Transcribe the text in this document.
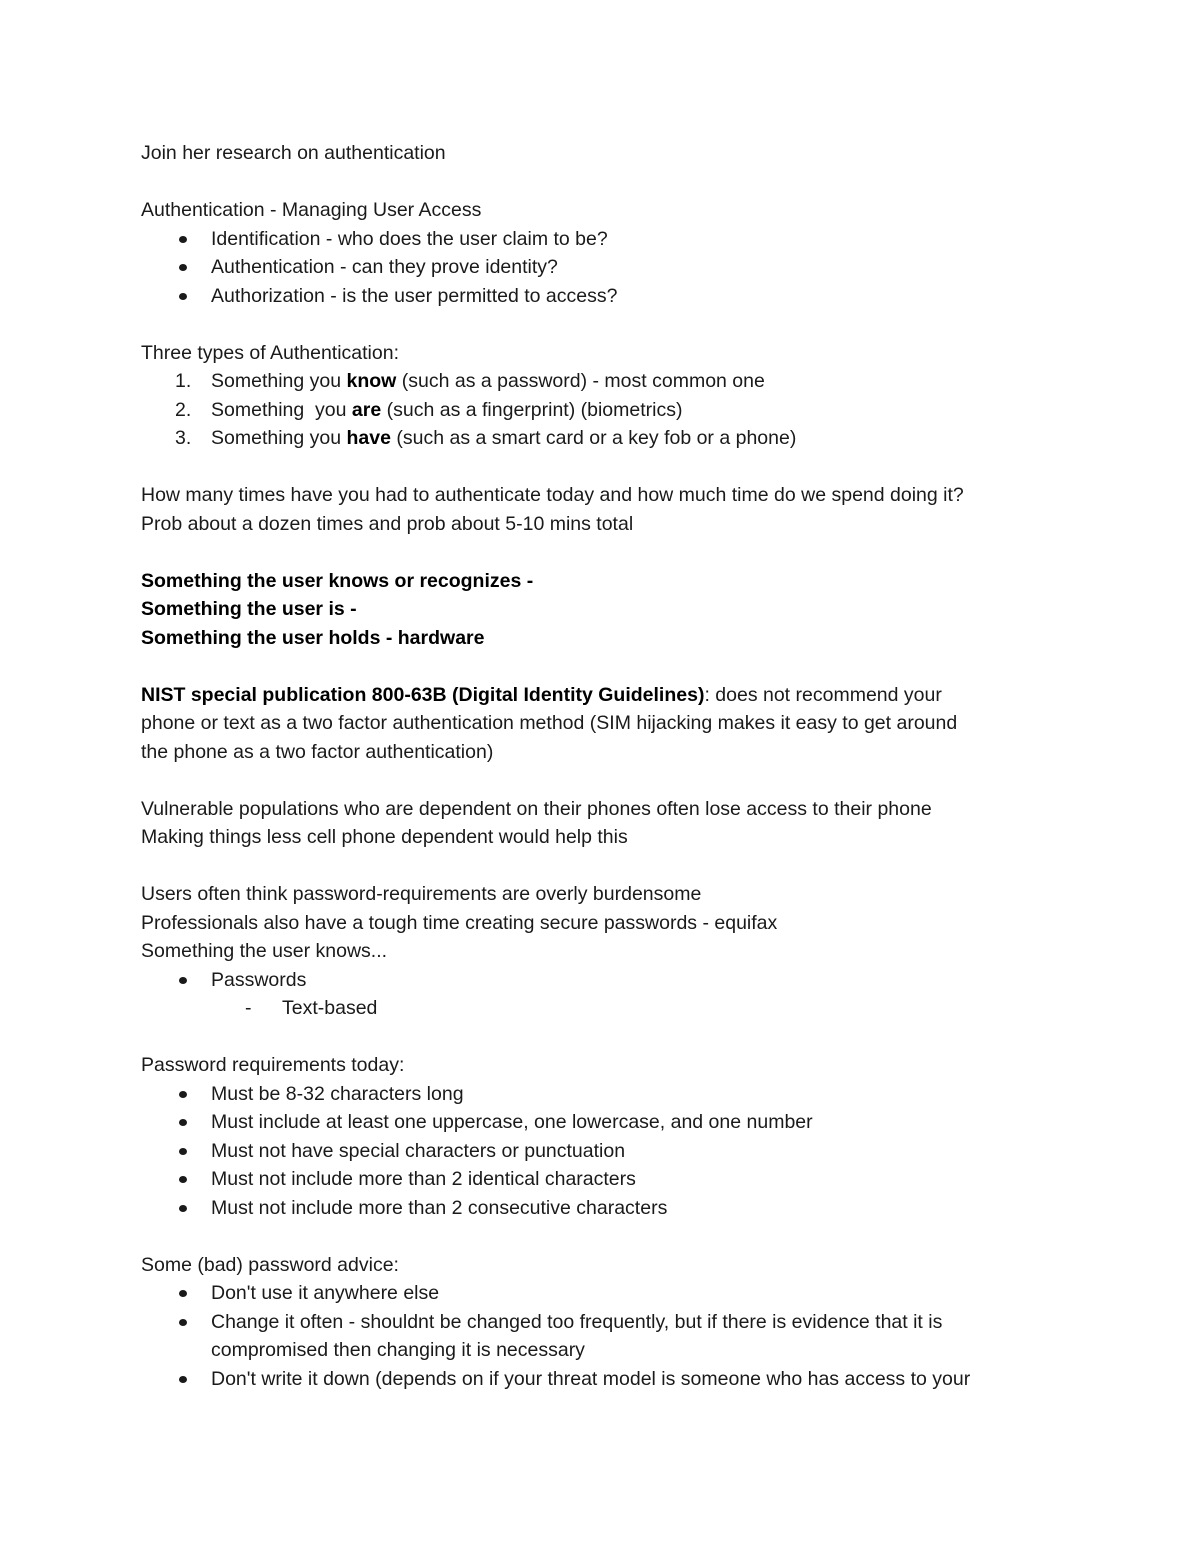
Join her research on authentication

Authentication - Managing User Access

Identification - who does the user claim to be?
Authentication - can they prove identity?
Authorization - is the user permitted to access?

Three types of Authentication:

1.	Something you know (such as a password) - most common one
2.	Something  you are (such as a fingerprint) (biometrics)
3.	Something you have (such as a smart card or a key fob or a phone)

How many times have you had to authenticate today and how much time do we spend doing it?

Prob about a dozen times and prob about 5-10 mins total

Something the user knows or recognizes -

Something the user is -

Something the user holds - hardware

NIST special publication 800-63B (Digital Identity Guidelines): does not recommend your

phone or text as a two factor authentication method (SIM hijacking makes it easy to get around

the phone as a two factor authentication)

Vulnerable populations who are dependent on their phones often lose access to their phone

Making things less cell phone dependent would help this

Users often think password-requirements are overly burdensome

Professionals also have a tough time creating secure passwords - equifax

Something the user knows...

Passwords
- Text-based

Password requirements today:

Must be 8-32 characters long
Must include at least one uppercase, one lowercase, and one number
Must not have special characters or punctuation
Must not include more than 2 identical characters
Must not include more than 2 consecutive characters

Some (bad) password advice:

Don't use it anywhere else
Change it often - shouldnt be changed too frequently, but if there is evidence that it is
compromised then changing it is necessary
Don't write it down (depends on if your threat model is someone who has access to your
